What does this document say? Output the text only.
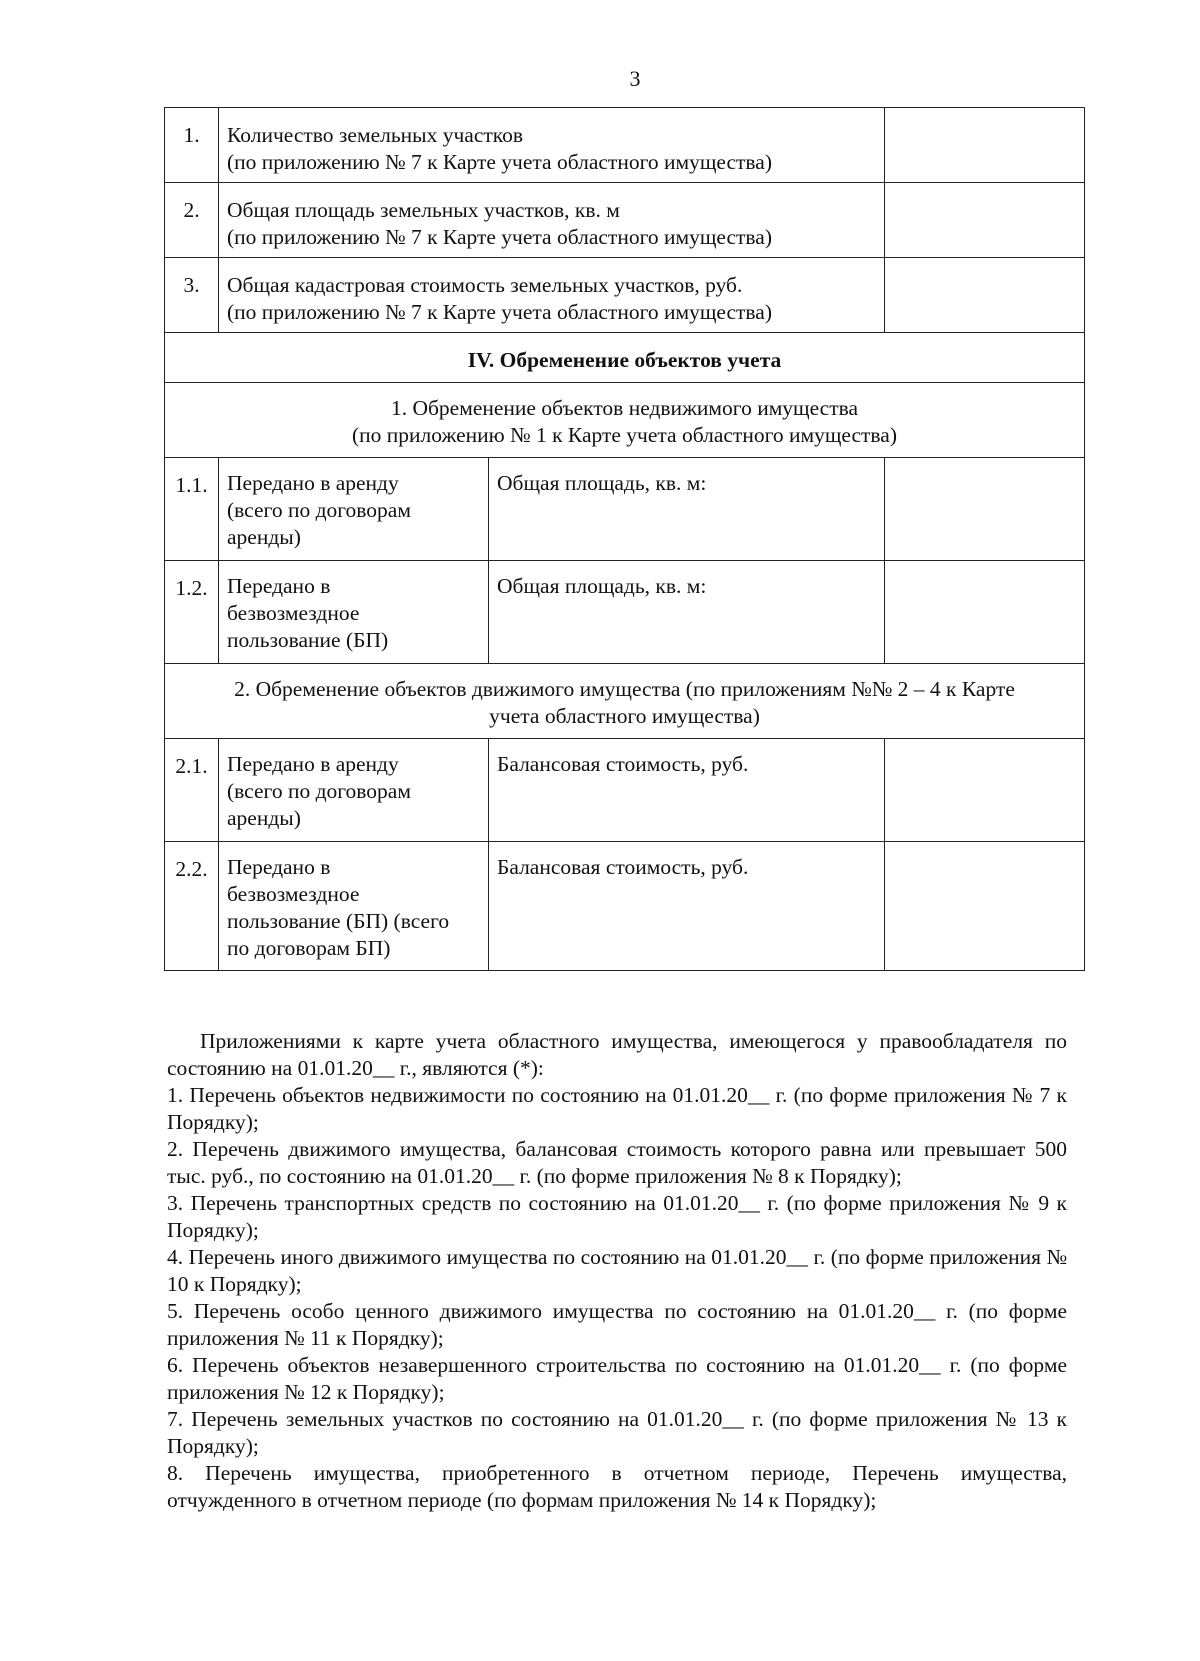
3
1.	Количество земельных участков
(по приложению № 7 к Карте учета областного имущества)		

2.	Общая площадь земельных участков, кв. м
(по приложению № 7 к Карте учета областного имущества)		

3.	Общая кадастровая стоимость земельных участков, руб.
(по приложению № 7 к Карте учета областного имущества)		

IV. Обременение объектов учета			

1. Обременение объектов недвижимого имущества
(по приложению № 1 к Карте учета областного имущества)			

1.1.	Передано в аренду
(всего по договорам
аренды)	Общая площадь, кв. м:	
1.2.	Передано в
безвозмездное
пользование (БП)	Общая площадь, кв. м:	

2. Обременение объектов движимого имущества (по приложениям №№ 2 – 4 к Карте
учета областного имущества)			

2.1.	Передано в аренду
(всего по договорам
аренды)	Балансовая стоимость, руб.	
2.2.	Передано в
безвозмездное
пользование (БП) (всего
по договорам БП)	Балансовая стоимость, руб.	

Приложениями к карте учета областного имущества, имеющегося у правообладателя по состоянию на 01.01.20__ г., являются (*):

1. Перечень объектов недвижимости по состоянию на 01.01.20__ г. (по форме приложения № 7 к Порядку);

2. Перечень движимого имущества, балансовая стоимость которого равна или превышает 500 тыс. руб., по состоянию на 01.01.20__ г. (по форме приложения № 8 к Порядку);

3. Перечень транспортных средств по состоянию на 01.01.20__ г. (по форме приложения № 9 к Порядку);

4. Перечень иного движимого имущества по состоянию на 01.01.20__ г. (по форме приложения № 10 к Порядку);

5. Перечень особо ценного движимого имущества по состоянию на 01.01.20__ г. (по форме приложения № 11 к Порядку);

6. Перечень объектов незавершенного строительства по состоянию на 01.01.20__ г. (по форме приложения № 12 к Порядку);

7. Перечень земельных участков по состоянию на 01.01.20__ г. (по форме приложения № 13 к Порядку);

8. Перечень имущества, приобретенного в отчетном периоде, Перечень имущества, отчужденного в отчетном периоде (по формам приложения № 14 к Порядку);
